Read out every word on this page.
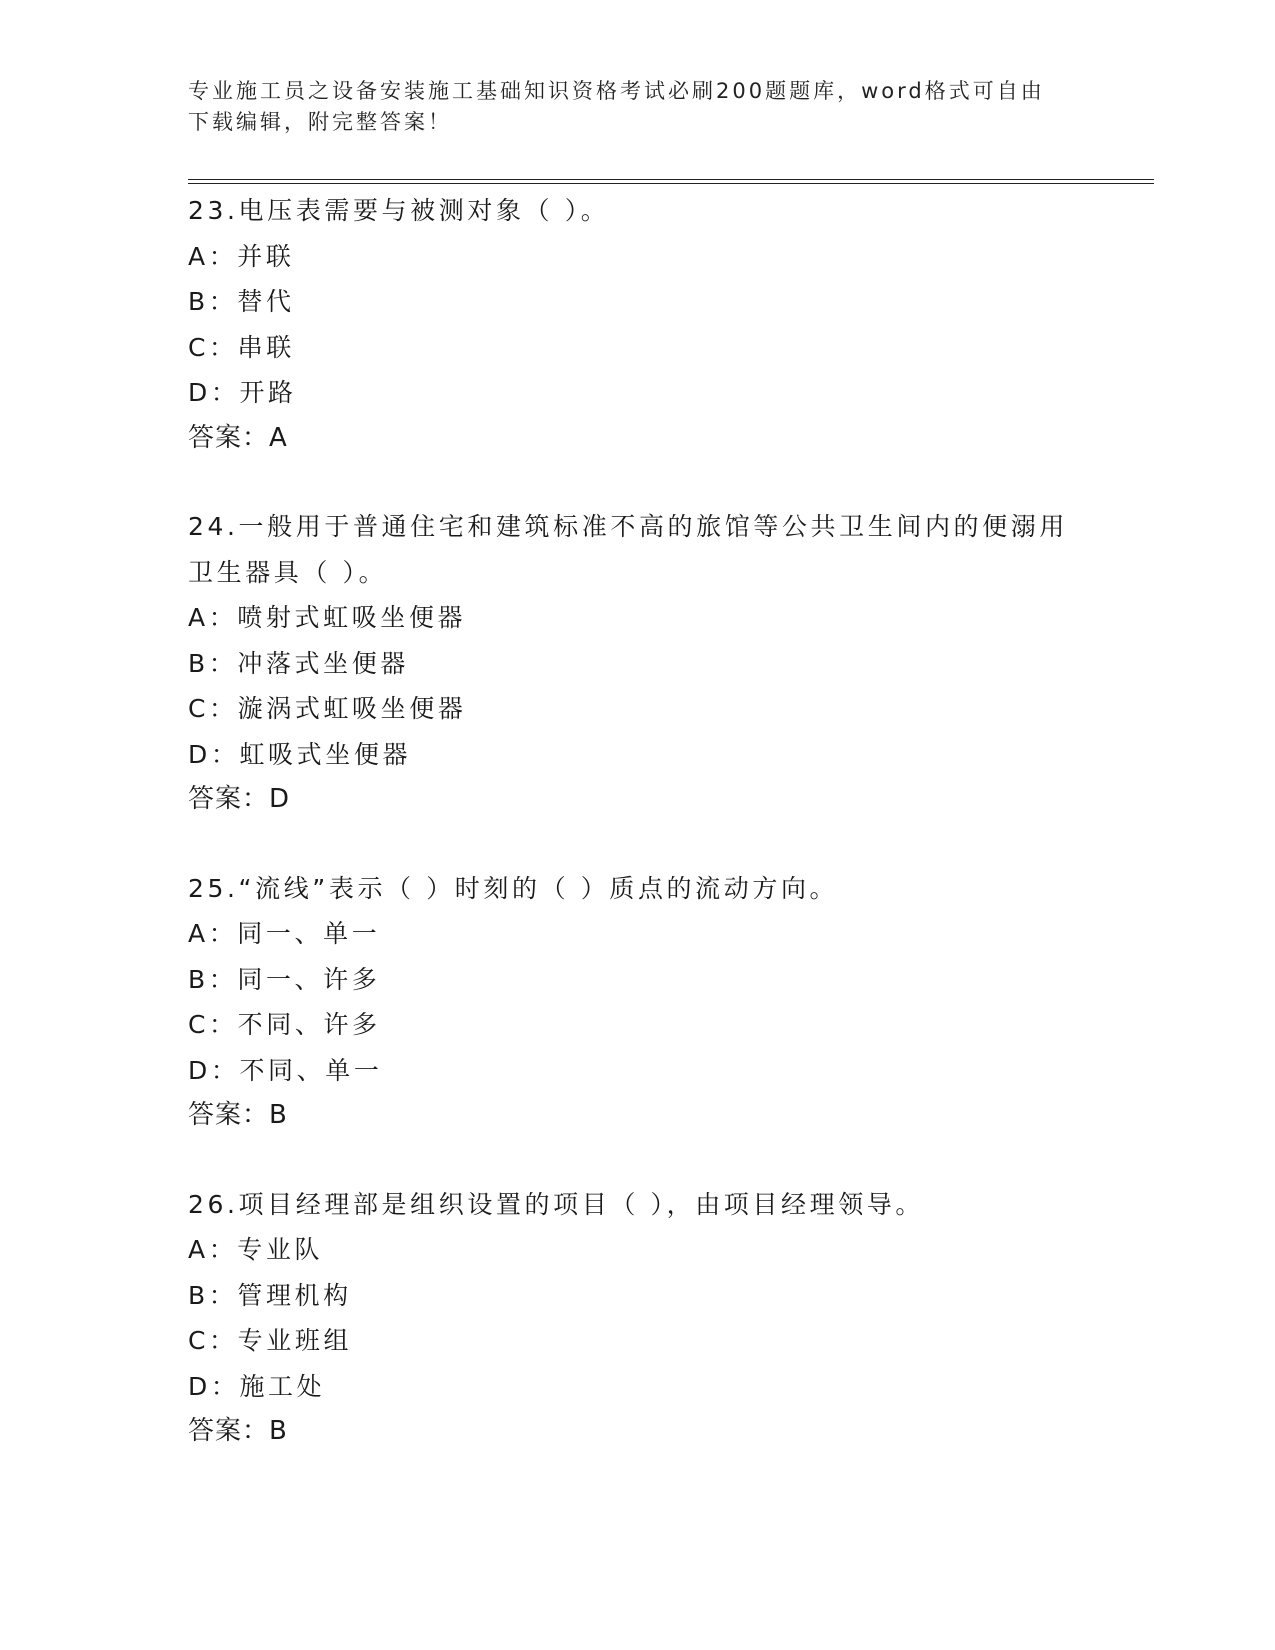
专业施工员之设备安装施工基础知识资格考试必刷200题题库，word格式可自由
下载编辑，附完整答案！
23.电压表需要与被测对象（ ）。
A：并联
B：替代
C：串联
D：开路
答案：A
24.一般用于普通住宅和建筑标准不高的旅馆等公共卫生间内的便溺用
卫生器具（ ）。
A：喷射式虹吸坐便器
B：冲落式坐便器
C：漩涡式虹吸坐便器
D：虹吸式坐便器
答案：D
25.“流线”表示（ ）时刻的（ ）质点的流动方向。
A：同一、单一
B：同一、许多
C：不同、许多
D：不同、单一
答案：B
26.项目经理部是组织设置的项目（ ），由项目经理领导。
A：专业队
B：管理机构
C：专业班组
D：施工处
答案：B
